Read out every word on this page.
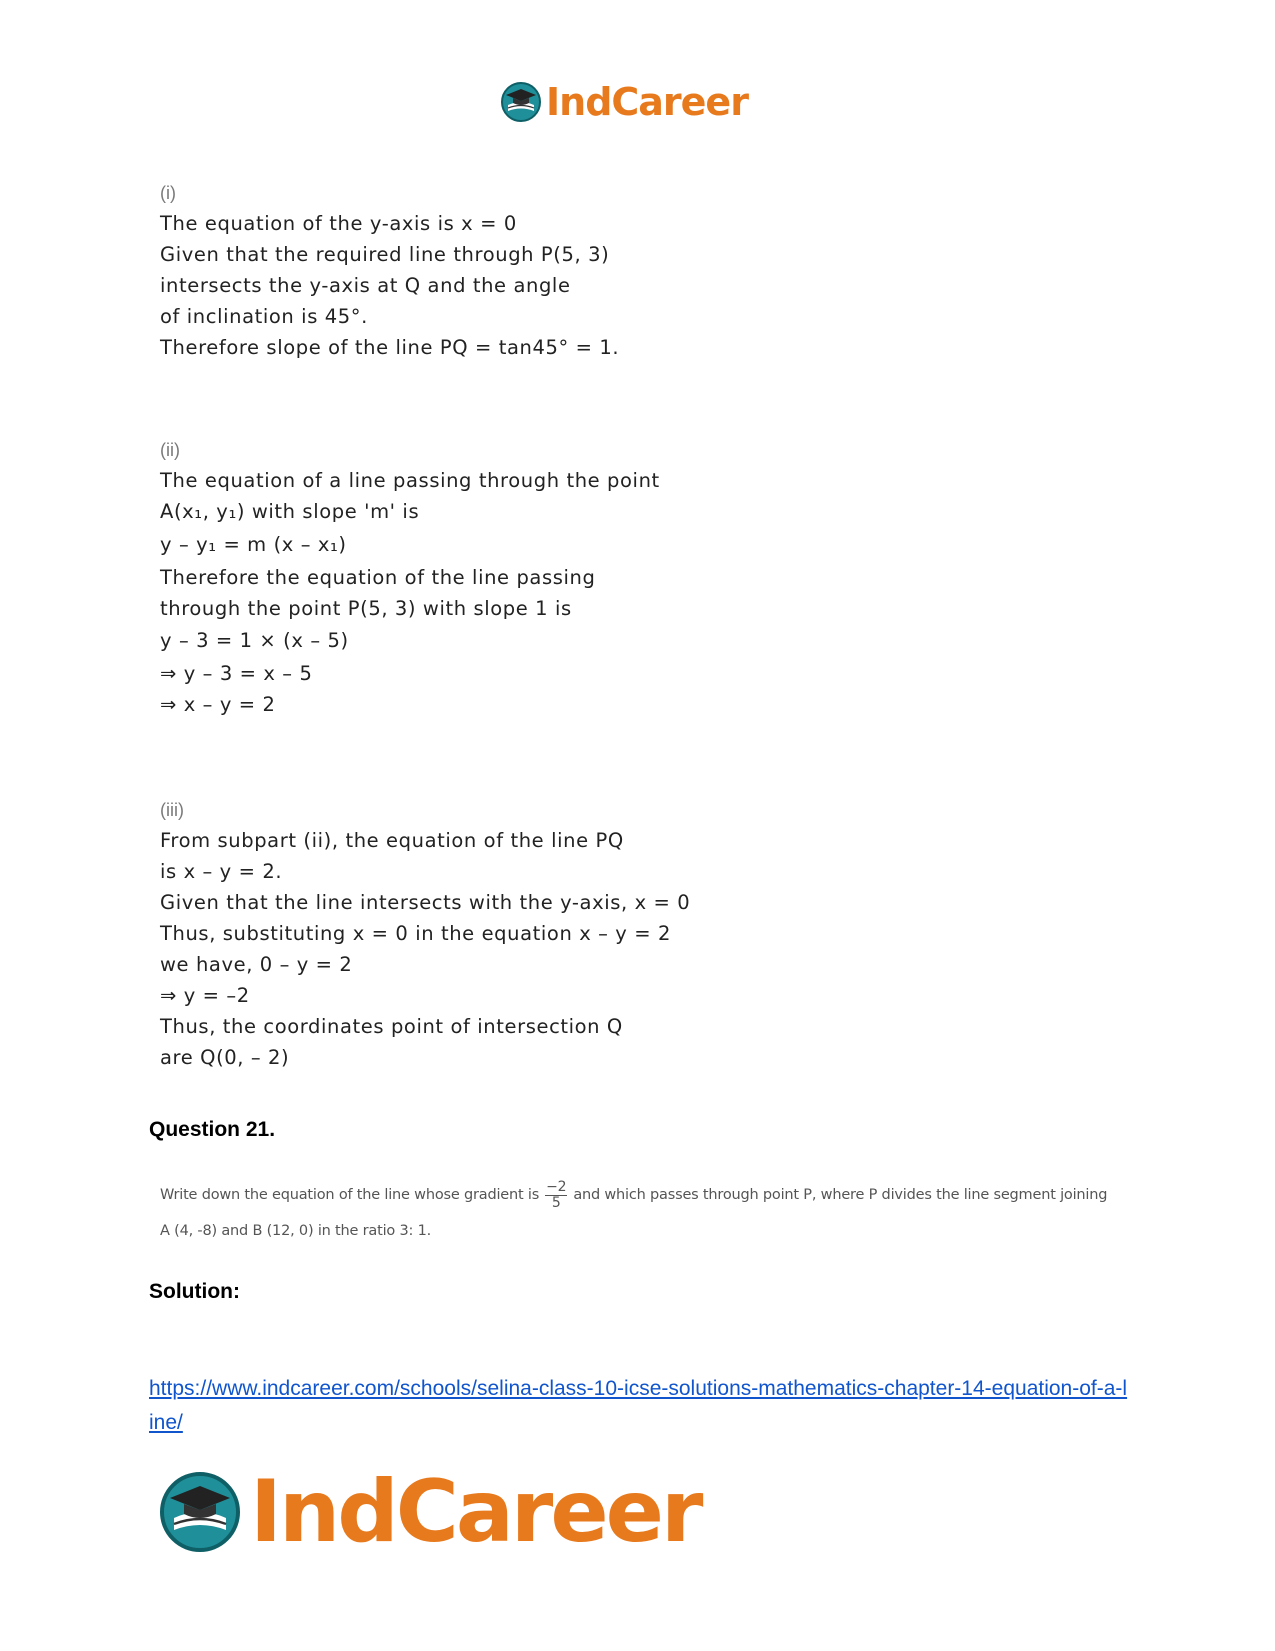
IndCareer
(i)
The equation of the y-axis is x = 0
Given that the required line through P(5, 3)
intersects the y-axis at Q and the angle
of inclination is 45°.
Therefore slope of the line PQ = tan45° = 1.
(ii)
The equation of a line passing through the point
A(x₁, y₁) with slope 'm' is
y – y₁ = m (x – x₁)
Therefore the equation of the line passing
through the point P(5, 3) with slope 1 is
y – 3 = 1 × (x – 5)
⇒ y – 3 = x – 5
⇒ x – y = 2
(iii)
From subpart (ii), the equation of the line PQ
is x – y = 2.
Given that the line intersects with the y-axis, x = 0
Thus, substituting x = 0 in the equation x – y = 2
we have, 0 – y = 2
⇒ y = –2
Thus, the coordinates point of intersection Q
are Q(0, – 2)
Question 21.
Write down the equation of the line whose gradient is $\frac{-2}{5}$ and which passes through point P, where P divides the line segment joining
A (4, -8) and B (12, 0) in the ratio 3: 1.
Solution:
https://www.indcareer.com/schools/selina-class-10-icse-solutions-mathematics-chapter-14-equation-of-a-line/
IndCareer
